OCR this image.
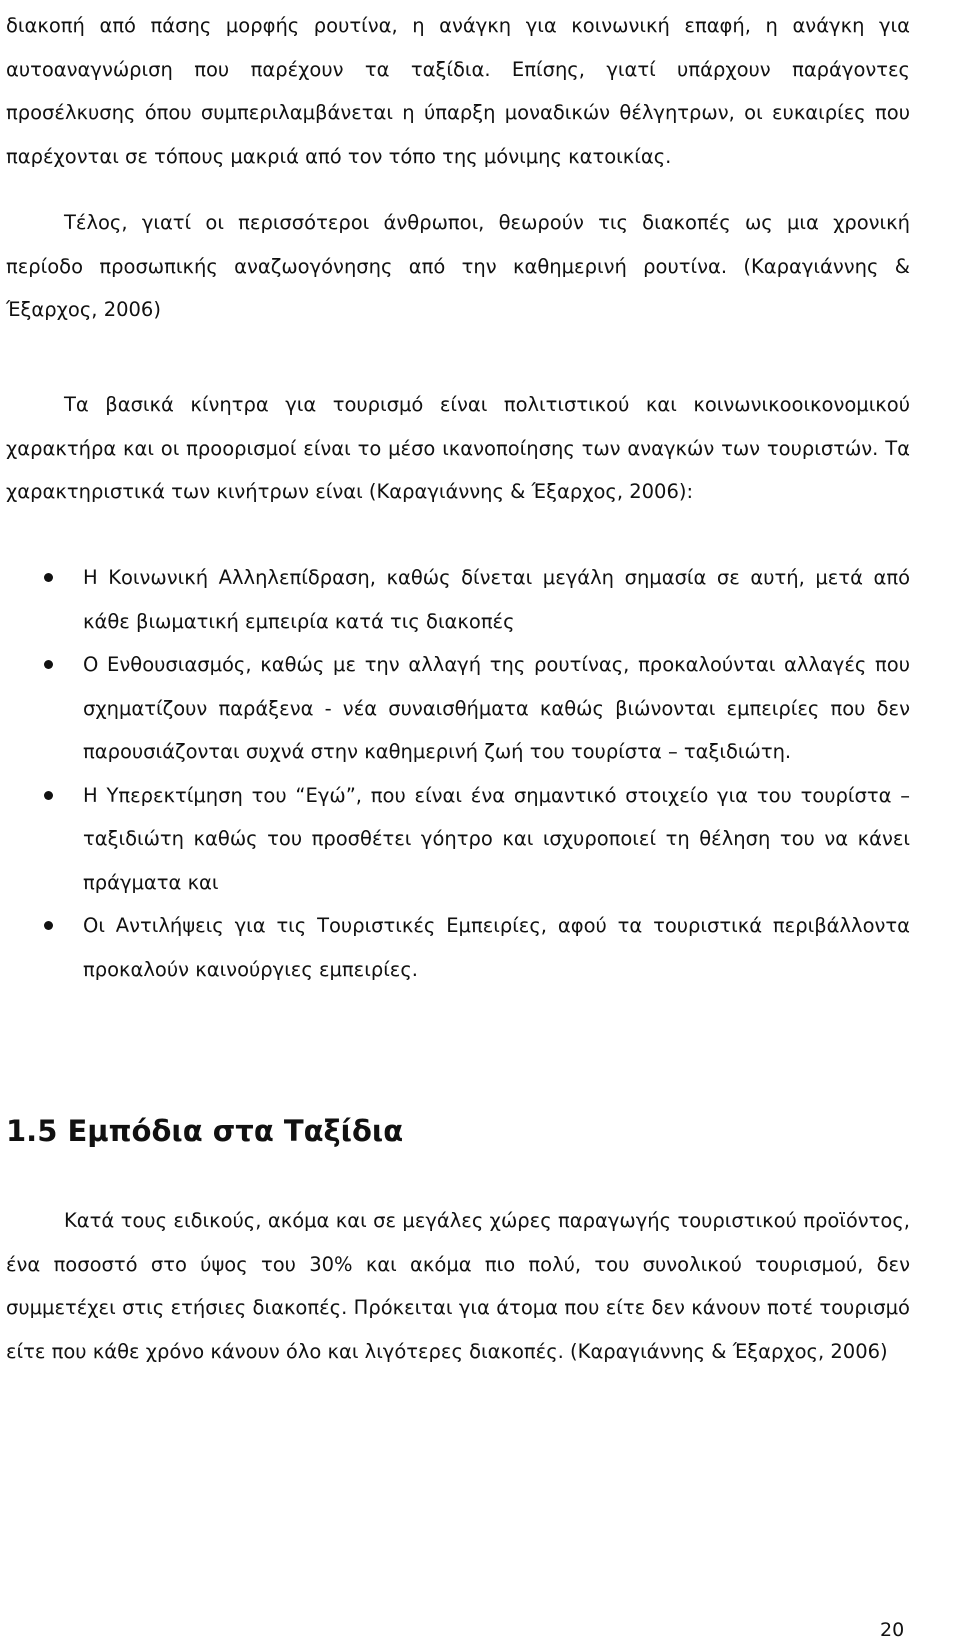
διακοπή από πάσης μορφής ρουτίνα, η ανάγκη για κοινωνική επαφή, η ανάγκη για αυτοαναγνώριση που παρέχουν τα ταξίδια. Επίσης, γιατί υπάρχουν παράγοντες προσέλκυσης όπου συμπεριλαμβάνεται η ύπαρξη μοναδικών θέλγητρων, οι ευκαιρίες που παρέχονται σε τόπους μακριά από τον τόπο της μόνιμης κατοικίας.

Τέλος, γιατί οι περισσότεροι άνθρωποι, θεωρούν τις διακοπές ως μια χρονική περίοδο προσωπικής αναζωογόνησης από την καθημερινή ρουτίνα. (Καραγιάννης & Έξαρχος, 2006)

Τα βασικά κίνητρα για τουρισμό είναι πολιτιστικού και κοινωνικοοικονομικού χαρακτήρα και οι προορισμοί είναι το μέσο ικανοποίησης των αναγκών των τουριστών. Τα χαρακτηριστικά των κινήτρων είναι (Καραγιάννης & Έξαρχος, 2006):

Η Κοινωνική Αλληλεπίδραση, καθώς δίνεται μεγάλη σημασία σε αυτή, μετά από κάθε βιωματική εμπειρία κατά τις διακοπές
Ο Ενθουσιασμός, καθώς με την αλλαγή της ρουτίνας, προκαλούνται αλλαγές που σχηματίζουν παράξενα - νέα συναισθήματα καθώς βιώνονται εμπειρίες που δεν παρουσιάζονται συχνά στην καθημερινή ζωή του τουρίστα – ταξιδιώτη.
Η Υπερεκτίμηση του “Εγώ”, που είναι ένα σημαντικό στοιχείο για του τουρίστα – ταξιδιώτη καθώς του προσθέτει γόητρο και ισχυροποιεί τη θέληση του να κάνει πράγματα και
Οι Αντιλήψεις για τις Τουριστικές Εμπειρίες, αφού τα τουριστικά περιβάλλοντα προκαλούν καινούργιες εμπειρίες.
1.5 Εμπόδια στα Ταξίδια

Κατά τους ειδικούς, ακόμα και σε μεγάλες χώρες παραγωγής τουριστικού προϊόντος, ένα ποσοστό στο ύψος του 30% και ακόμα πιο πολύ, του συνολικού τουρισμού, δεν συμμετέχει στις ετήσιες διακοπές. Πρόκειται για άτομα που είτε δεν κάνουν ποτέ τουρισμό είτε που κάθε χρόνο κάνουν όλο και λιγότερες διακοπές. (Καραγιάννης & Έξαρχος, 2006)

20
